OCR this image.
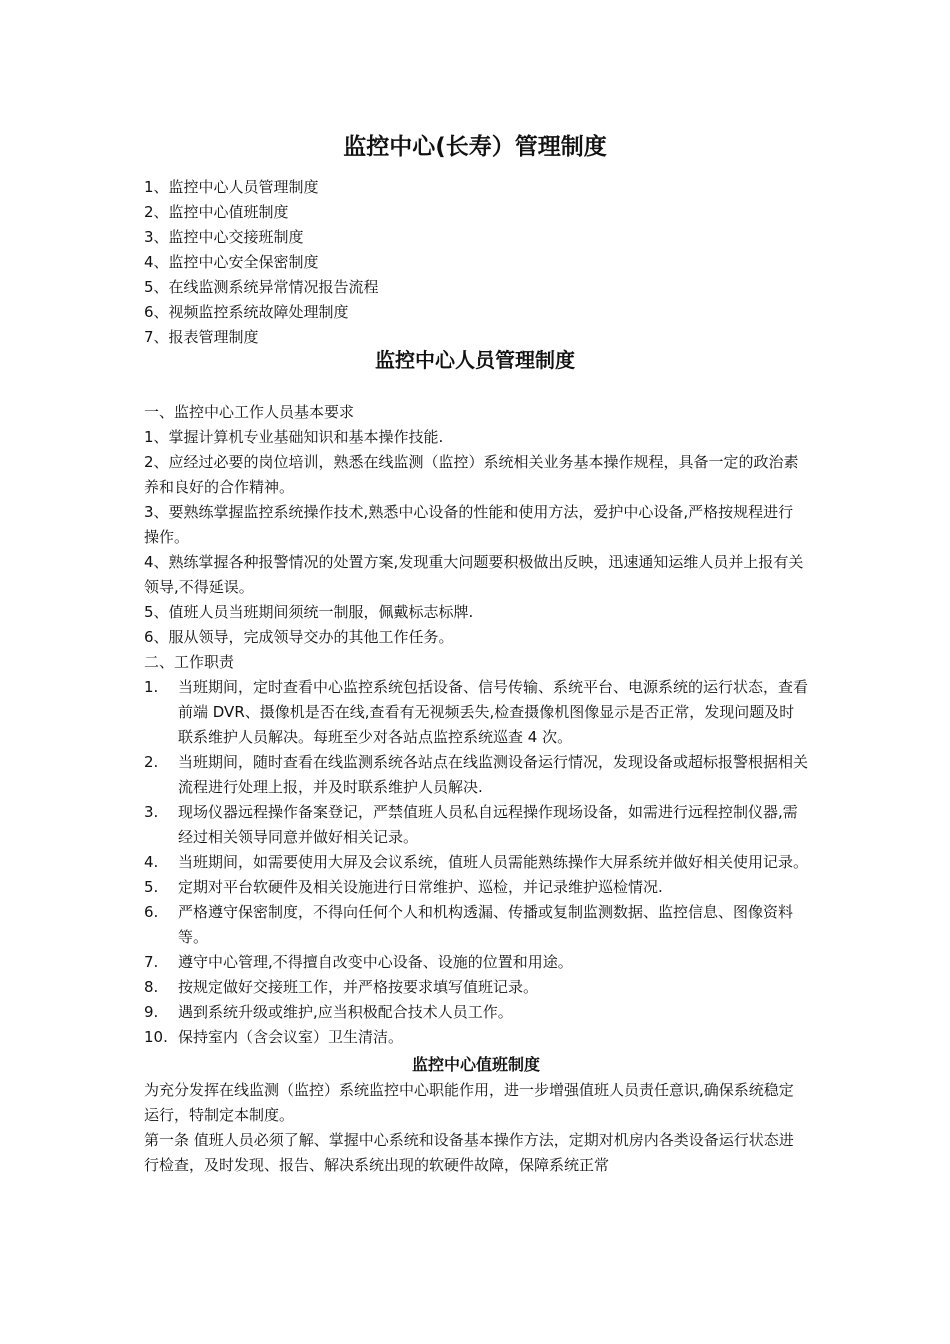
监控中心(长寿）管理制度
1、监控中心人员管理制度
2、监控中心值班制度
3、监控中心交接班制度
4、监控中心安全保密制度
5、在线监测系统异常情况报告流程
6、视频监控系统故障处理制度
7、报表管理制度
监控中心人员管理制度

一、监控中心工作人员基本要求

1、掌握计算机专业基础知识和基本操作技能.

2、应经过必要的岗位培训，熟悉在线监测（监控）系统相关业务基本操作规程，具备一定的政治素养和良好的合作精神。

3、要熟练掌握监控系统操作技术,熟悉中心设备的性能和使用方法，爱护中心设备,严格按规程进行操作。

4、熟练掌握各种报警情况的处置方案,发现重大问题要积极做出反映，迅速通知运维人员并上报有关领导,不得延误。

5、值班人员当班期间须统一制服，佩戴标志标牌.

6、服从领导，完成领导交办的其他工作任务。

二、工作职责

1.	当班期间，定时查看中心监控系统包括设备、信号传输、系统平台、电源系统的运行状态，查看前端 DVR、摄像机是否在线,查看有无视频丢失,检查摄像机图像显示是否正常，发现问题及时联系维护人员解决。每班至少对各站点监控系统巡查 4 次。
2.	当班期间，随时查看在线监测系统各站点在线监测设备运行情况，发现设备或超标报警根据相关流程进行处理上报，并及时联系维护人员解决.
3.	现场仪器远程操作备案登记，严禁值班人员私自远程操作现场设备，如需进行远程控制仪器,需经过相关领导同意并做好相关记录。
4.	当班期间，如需要使用大屏及会议系统，值班人员需能熟练操作大屏系统并做好相关使用记录。
5.	定期对平台软硬件及相关设施进行日常维护、巡检，并记录维护巡检情况.
6.	严格遵守保密制度，不得向任何个人和机构透漏、传播或复制监测数据、监控信息、图像资料等。
7.	遵守中心管理,不得擅自改变中心设备、设施的位置和用途。
8.	按规定做好交接班工作，并严格按要求填写值班记录。
9.	遇到系统升级或维护,应当积极配合技术人员工作。
10. 保持室内（含会议室）卫生清洁。
监控中心值班制度

为充分发挥在线监测（监控）系统监控中心职能作用，进一步增强值班人员责任意识,确保系统稳定运行，特制定本制度。

第一条 值班人员必须了解、掌握中心系统和设备基本操作方法，定期对机房内各类设备运行状态进行检查，及时发现、报告、解决系统出现的软硬件故障，保障系统正常
